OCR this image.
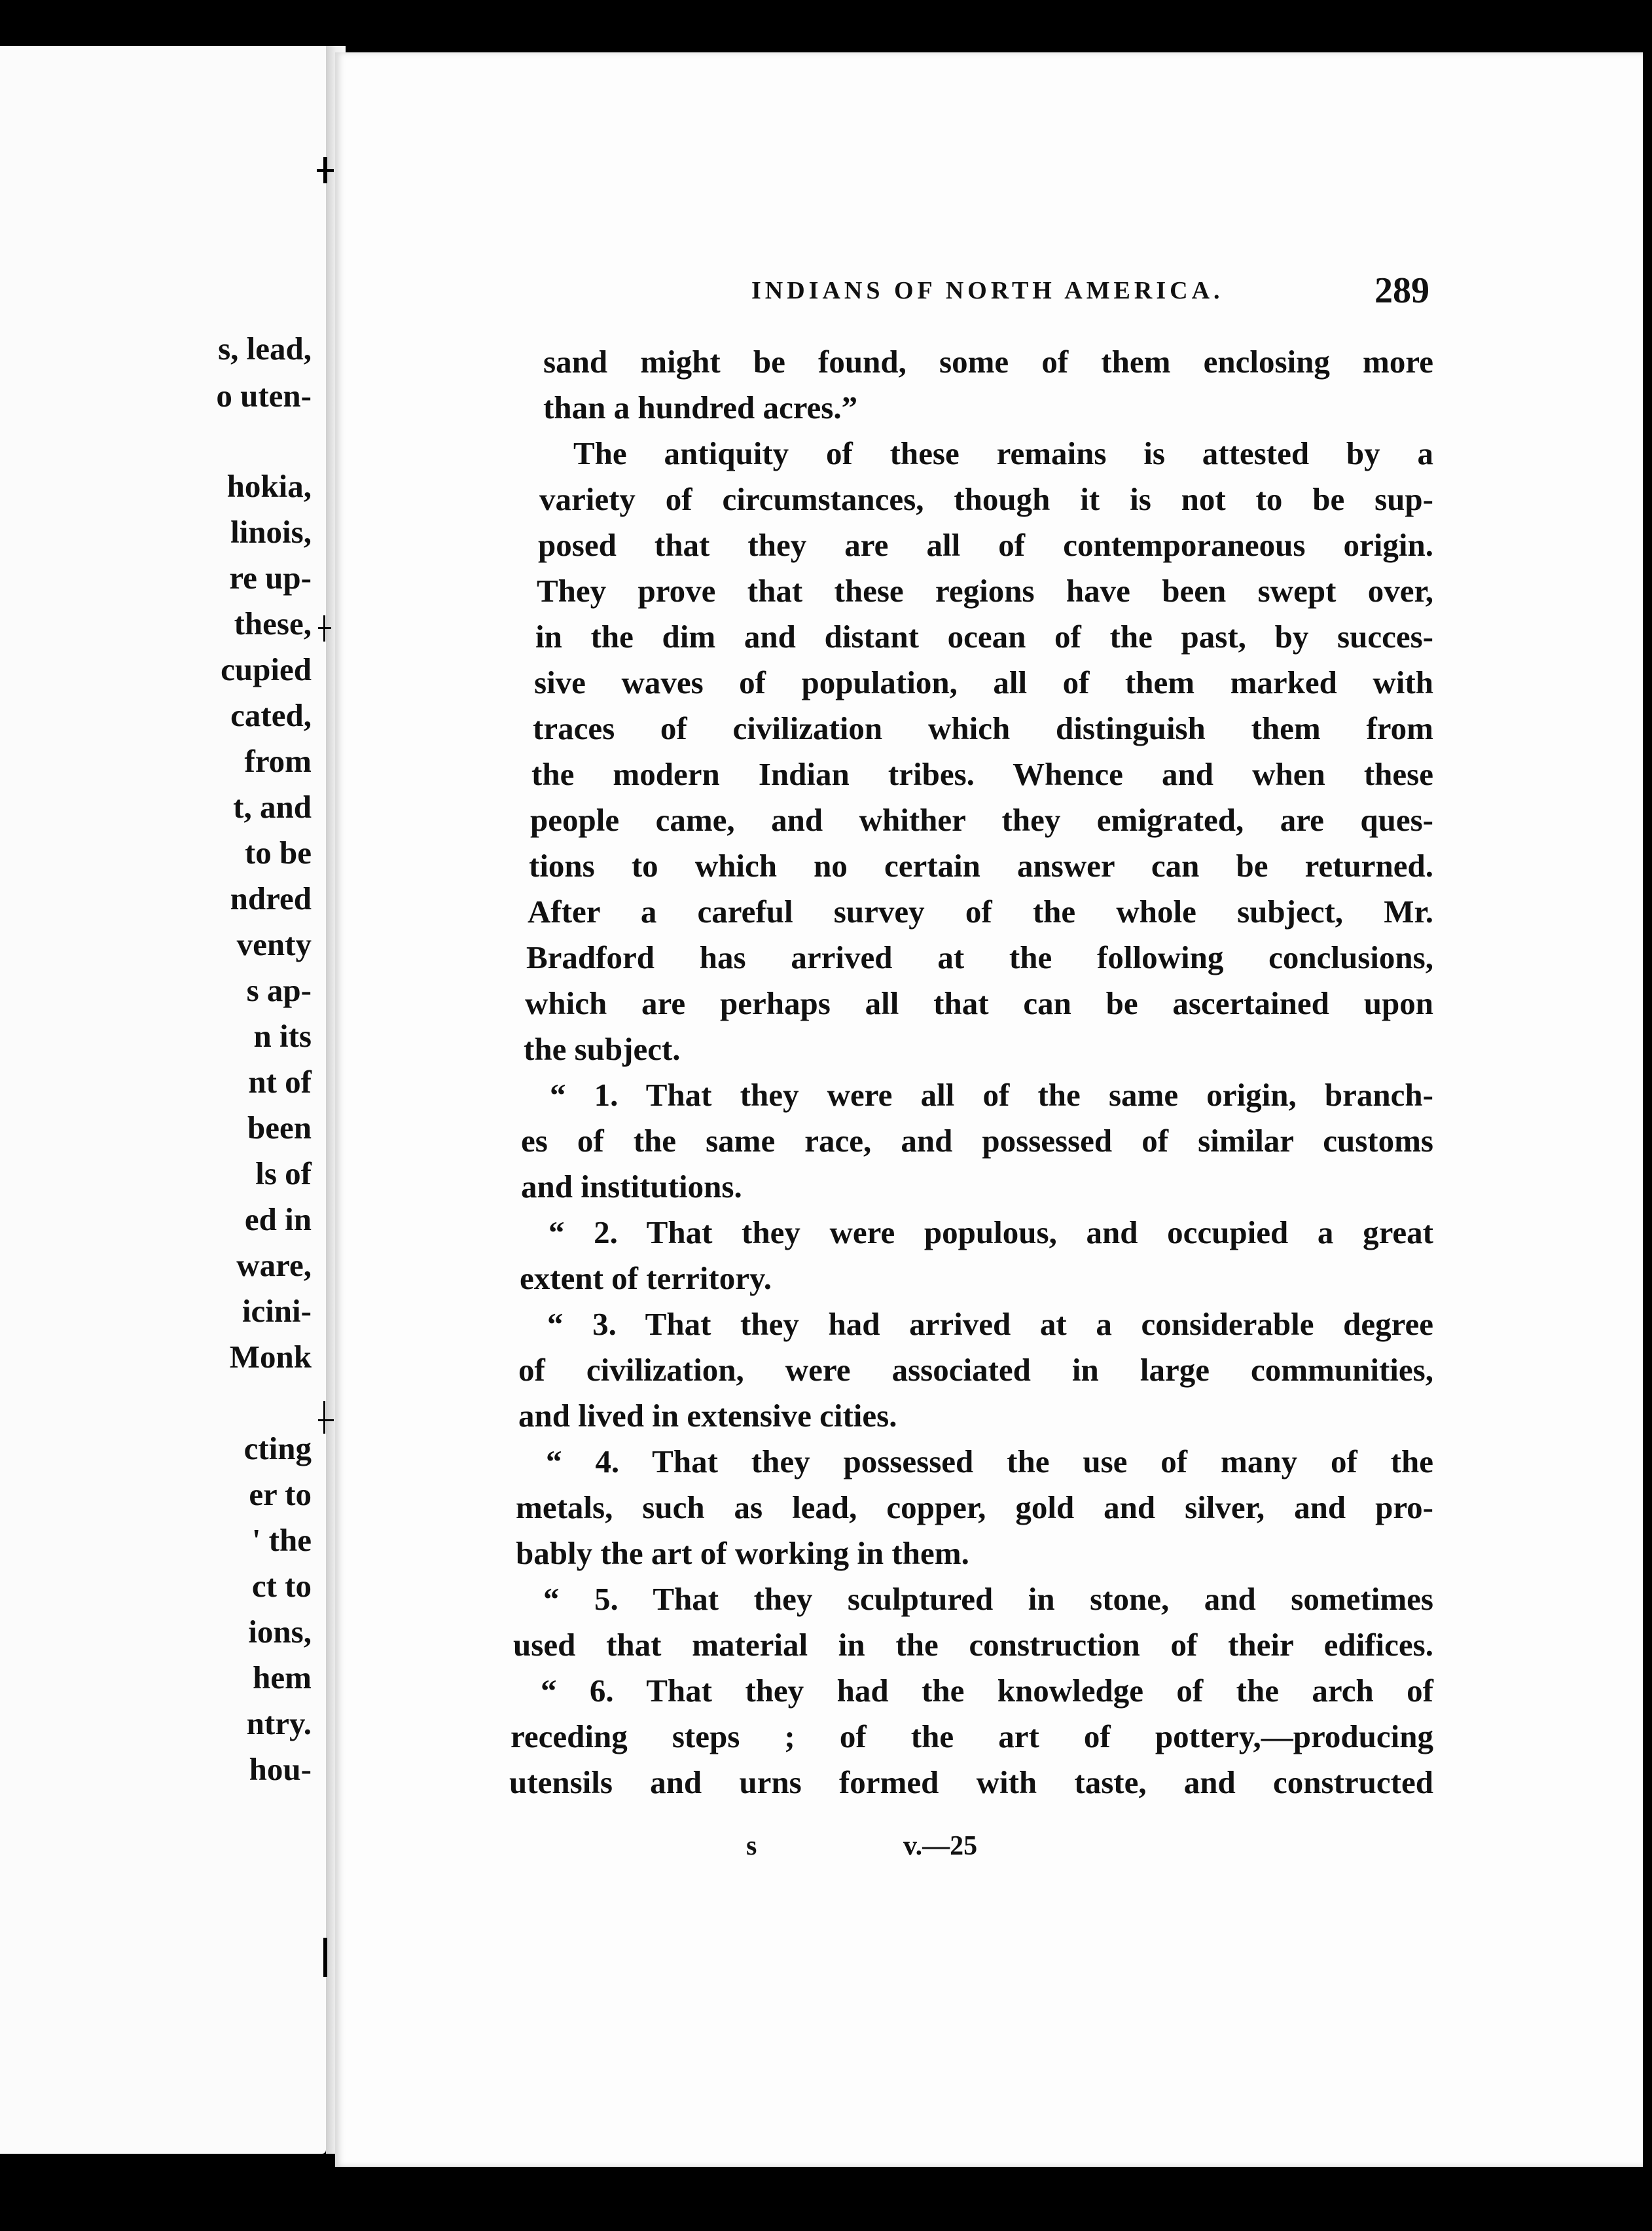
s, lead,
o uten-
hokia,
linois,
re up-
these,
cupied
cated,
from
t, and
to be
ndred
venty
s ap-
n its
nt of
been
ls of
ed in
ware,
icini-
Monk
cting
er to
' the
ct to
ions,
hem
ntry.
hou-
INDIANS OF NORTH AMERICA.	289
sand might be found, some of them enclosing more
than a hundred acres.”
The antiquity of these remains is attested by a
variety of circumstances, though it is not to be sup-
posed that they are all of contemporaneous origin.
They prove that these regions have been swept over,
in the dim and distant ocean of the past, by succes-
sive waves of population, all of them marked with
traces of civilization which distinguish them from
the modern Indian tribes. Whence and when these
people came, and whither they emigrated, are ques-
tions to which no certain answer can be returned.
After a careful survey of the whole subject, Mr.
Bradford has arrived at the following conclusions,
which are perhaps all that can be ascertained upon
the subject.
“ 1. That they were all of the same origin, branch-
es of the same race, and possessed of similar customs
and institutions.
“ 2. That they were populous, and occupied a great
extent of territory.
“ 3. That they had arrived at a considerable degree
of civilization, were associated in large communities,
and lived in extensive cities.
“ 4. That they possessed the use of many of the
metals, such as lead, copper, gold and silver, and pro-
bably the art of working in them.
“ 5. That they sculptured in stone, and sometimes
used that material in the construction of their edifices.
“ 6. That they had the knowledge of the arch of
receding steps ; of the art of pottery,—producing
utensils and urns formed with taste, and constructed
s	v.—25
